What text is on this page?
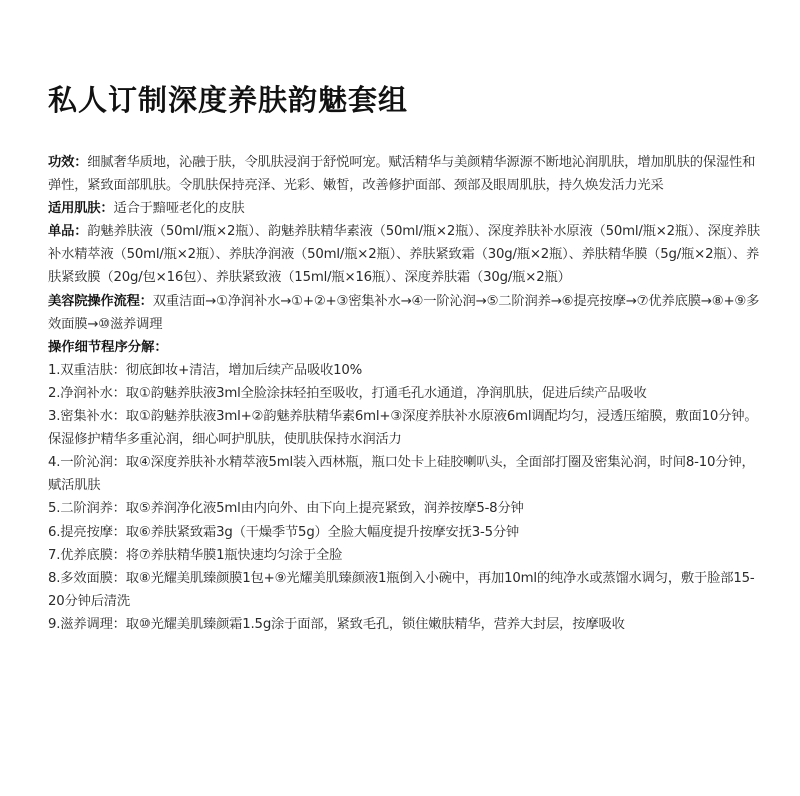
私人订制深度养肤韵魅套组

功效：细腻奢华质地，沁融于肤，令肌肤浸润于舒悦呵宠。赋活精华与美颜精华源源不断地沁润肌肤，增加肌肤的保湿性和弹性，紧致面部肌肤。令肌肤保持亮泽、光彩、嫩皙，改善修护面部、颈部及眼周肌肤，持久焕发活力光采

适用肌肤：适合于黯哑老化的皮肤

单品：韵魅养肤液（50ml/瓶×2瓶）、韵魅养肤精华素液（50ml/瓶×2瓶）、深度养肤补水原液（50ml/瓶×2瓶）、深度养肤补水精萃液（50ml/瓶×2瓶）、养肤净润液（50ml/瓶×2瓶）、养肤紧致霜（30g/瓶×2瓶）、养肤精华膜（5g/瓶×2瓶）、养肤紧致膜（20g/包×16包）、养肤紧致液（15ml/瓶×16瓶）、深度养肤霜（30g/瓶×2瓶）

美容院操作流程：双重洁面→①净润补水→①+②+③密集补水→④一阶沁润→⑤二阶润养→⑥提亮按摩→⑦优养底膜→⑧+⑨多效面膜→⑩滋养调理

操作细节程序分解：

1.双重洁肤：彻底卸妆+清洁，增加后续产品吸收10%

2.净润补水：取①韵魅养肤液3ml全脸涂抹轻拍至吸收，打通毛孔水通道，净润肌肤，促进后续产品吸收

3.密集补水：取①韵魅养肤液3ml+②韵魅养肤精华素6ml+③深度养肤补水原液6ml调配均匀，浸透压缩膜，敷面10分钟。保湿修护精华多重沁润，细心呵护肌肤，使肌肤保持水润活力

4.一阶沁润：取④深度养肤补水精萃液5ml装入西林瓶，瓶口处卡上硅胶喇叭头，全面部打圈及密集沁润，时间8-10分钟，赋活肌肤

5.二阶润养：取⑤养润净化液5ml由内向外、由下向上提亮紧致，润养按摩5-8分钟

6.提亮按摩：取⑥养肤紧致霜3g（干燥季节5g）全脸大幅度提升按摩安抚3-5分钟

7.优养底膜：将⑦养肤精华膜1瓶快速均匀涂于全脸

8.多效面膜：取⑧光耀美肌臻颜膜1包+⑨光耀美肌臻颜液1瓶倒入小碗中，再加10ml的纯净水或蒸馏水调匀，敷于脸部15-20分钟后清洗

9.滋养调理：取⑩光耀美肌臻颜霜1.5g涂于面部，紧致毛孔，锁住嫩肤精华，营养大封层，按摩吸收
